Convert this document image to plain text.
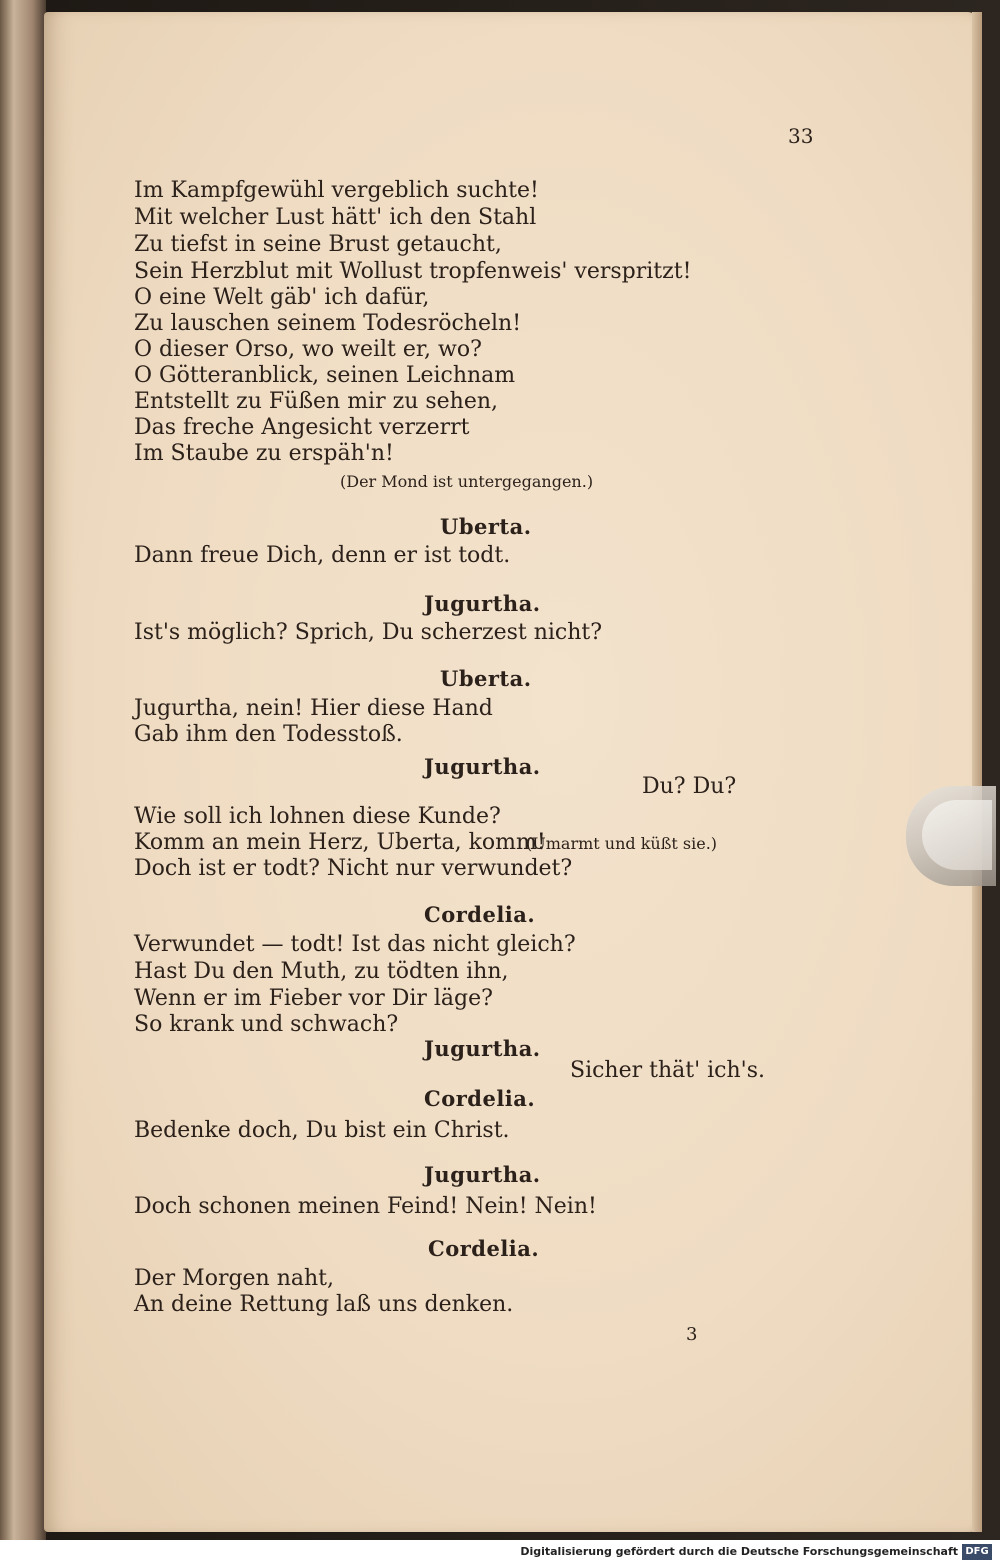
33
Im Kampfgewühl vergeblich suchte!
Mit welcher Lust hätt' ich den Stahl
Zu tiefst in seine Brust getaucht,
Sein Herzblut mit Wollust tropfenweis' verspritzt!
O eine Welt gäb' ich dafür,
Zu lauschen seinem Todesröcheln!
O dieser Orso, wo weilt er, wo?
O Götteranblick, seinen Leichnam
Entstellt zu Füßen mir zu sehen,
Das freche Angesicht verzerrt
Im Staube zu erspäh'n!
(Der Mond ist untergegangen.)
Uberta.
Dann freue Dich, denn er ist todt.
Jugurtha.
Ist's möglich? Sprich, Du scherzest nicht?
Uberta.
Jugurtha, nein! Hier diese Hand
Gab ihm den Todesstoß.
Jugurtha.
Du? Du?
Wie soll ich lohnen diese Kunde?
Komm an mein Herz, Uberta, komm!
(Umarmt und küßt sie.)
Doch ist er todt? Nicht nur verwundet?
Cordelia.
Verwundet — todt! Ist das nicht gleich?
Hast Du den Muth, zu tödten ihn,
Wenn er im Fieber vor Dir läge?
So krank und schwach?
Jugurtha.
Sicher thät' ich's.
Cordelia.
Bedenke doch, Du bist ein Christ.
Jugurtha.
Doch schonen meinen Feind! Nein! Nein!
Cordelia.
Der Morgen naht,
An deine Rettung laß uns denken.
3
Digitalisierung gefördert durch die Deutsche Forschungsgemeinschaft DFG
